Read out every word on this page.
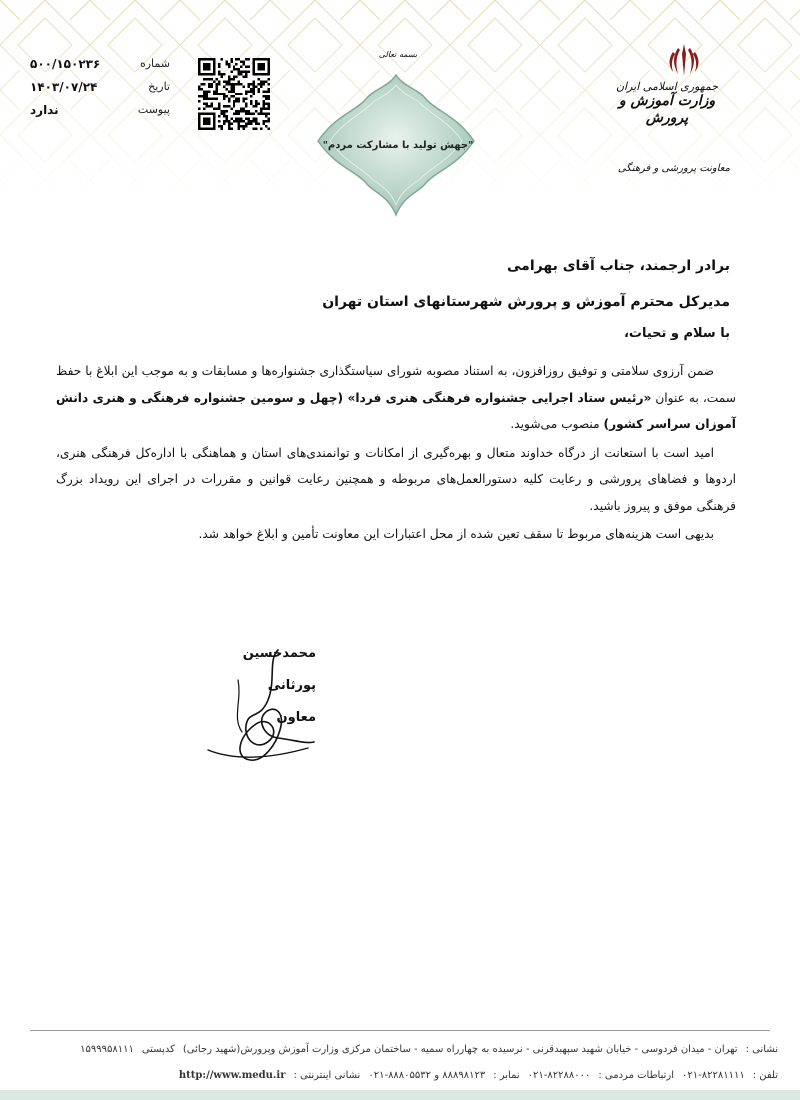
جمهوری اسلامی ایران
وزارت آموزش و پرورش
معاونت پرورشی و فرهنگی
شماره
۵۰۰/۱۵۰۲۳۶
تاریخ
۱۴۰۳/۰۷/۲۴
پیوست
ندارد
بسمه تعالی
"جهش تولید با مشارکت مردم"
برادر ارجمند، جناب آقای بهرامی
مدیرکل محترم آموزش و پرورش شهرستانهای استان تهران
با سلام و تحیات،

ضمن آرزوی سلامتی و توفیق روزافزون، به استناد مصوبه شورای سیاستگذاری جشنواره‌ها و مسابقات و به موجب این ابلاغ با حفظ سمت، به عنوان «رئیس ستاد اجرایی جشنواره فرهنگی هنری فردا» (چهل و سومین جشنواره فرهنگی و هنری دانش آموزان سراسر کشور) منصوب می‌شوید.

امید است با استعانت از درگاه خداوند متعال و بهره‌گیری از امکانات و توانمندی‌های استان و هماهنگی با اداره‌کل فرهنگی هنری، اردوها و فضاهای پرورشی و رعایت کلیه دستورالعمل‌های مربوطه و همچنین رعایت قوانین و مقررات در اجرای این رویداد بزرگ فرهنگی موفق و پیروز باشید.

بدیهی است هزینه‌های مربوط تا سقف تعین شده از محل اعتبارات این معاونت تأمین و ابلاغ خواهد شد.

محمدحسین پورثانی
معاون
نشانی :تهران - میدان فردوسی - خیابان شهید سپهبدقرنی - نرسیده به چهارراه سمیه - ساختمان مرکزی وزارت آموزش وپرورش(شهید رجائی)کدپستی۱۵۹۹۹۵۸۱۱۱
تلفن :۸۲۲۸۱۱۱۱-۰۲۱ارتباطات مردمی :۸۲۲۸۸۰۰۰-۰۲۱نمابر :۸۸۸۹۸۱۲۳ و ۸۸۸۰۵۵۳۲-۰۲۱نشانی اینترنتی :http://www.medu.ir
